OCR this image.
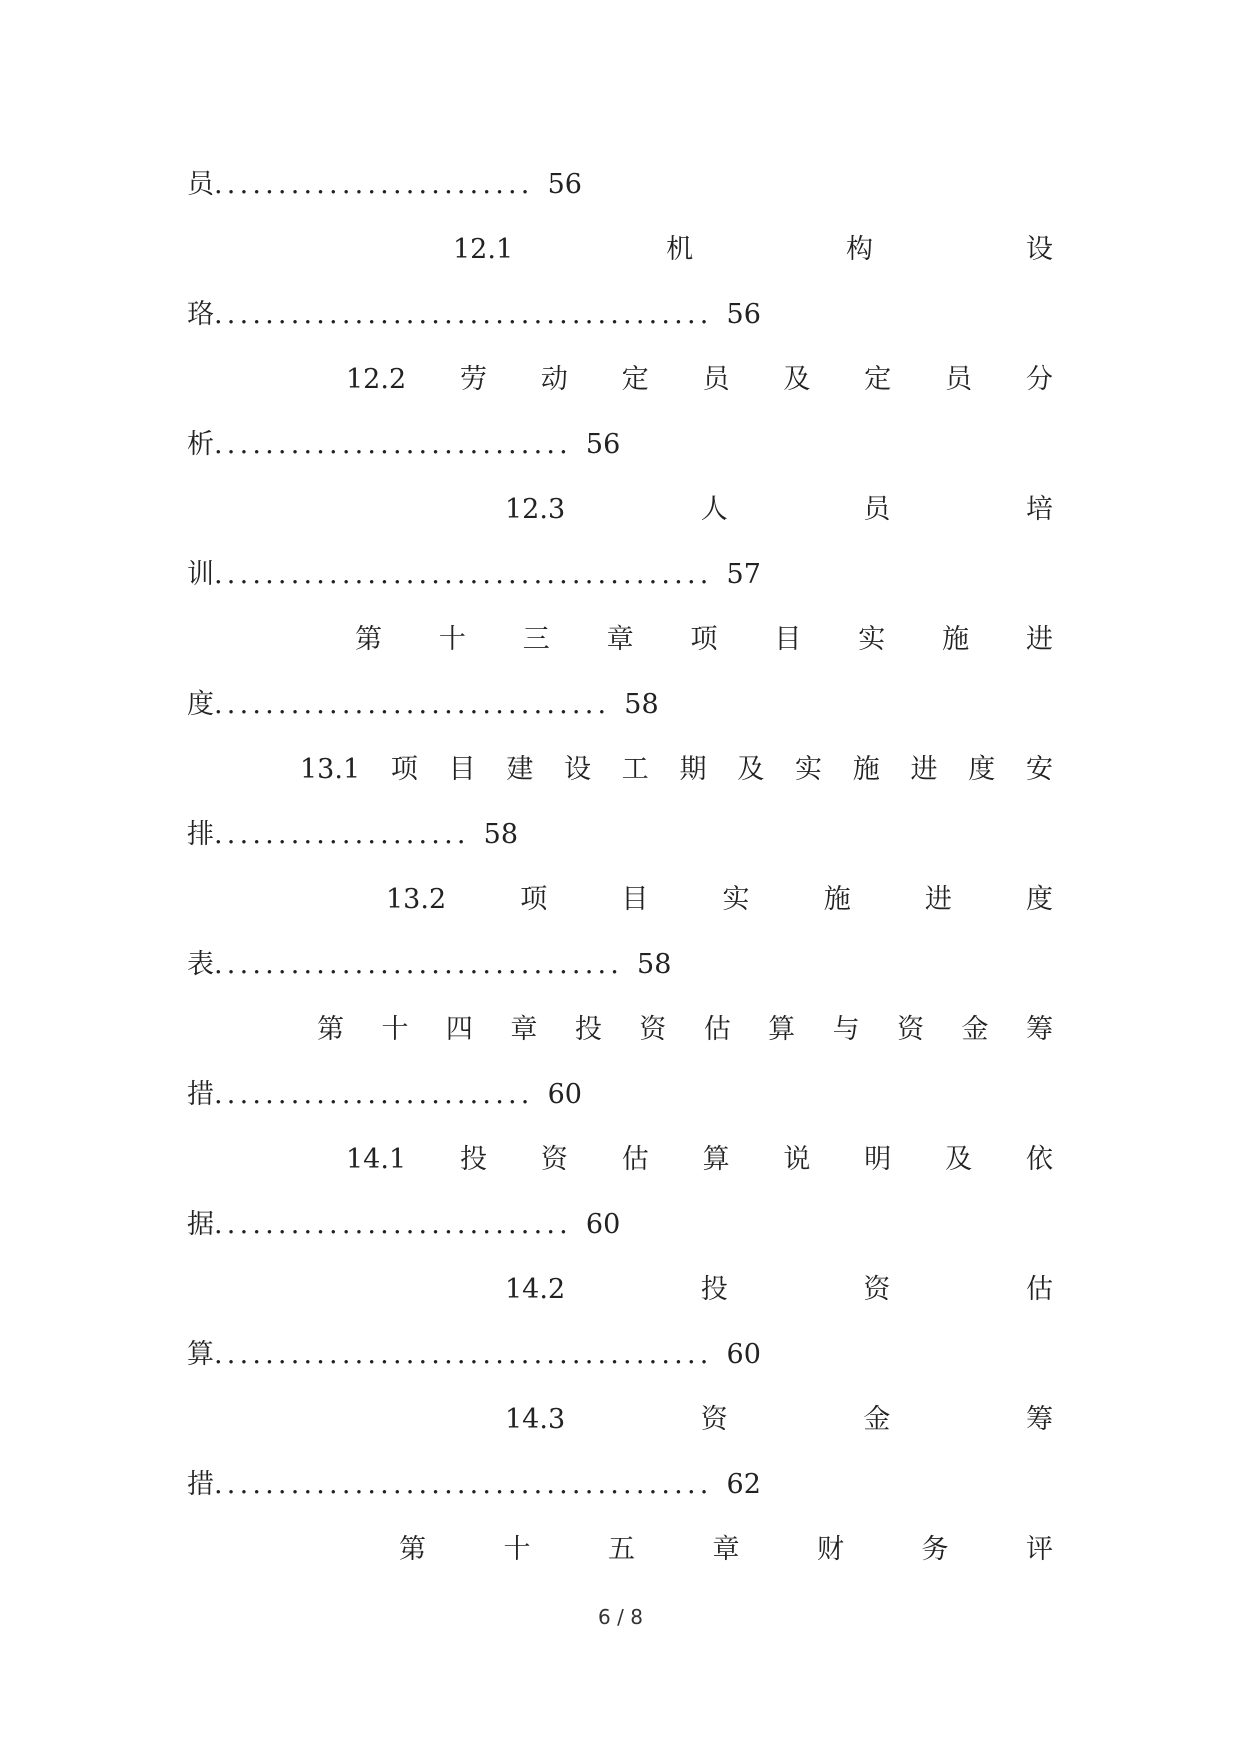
员......................... 56
12.1	机	构	设
珞....................................... 56
12.2 劳 动 定 员 及 定 员 分
析............................ 56
12.3	人	员	培
训....................................... 57
第 十 三 章 项 目 实 施 进
度............................... 58
13.1 项 目 建 设 工 期 及 实 施 进 度 安
排.................... 58
13.2	项	目	实	施	进	度
表................................ 58
第 十 四 章 投 资 估 算 与 资 金 筹
措......................... 60
14.1 投 资 估 算 说 明 及 依
据............................ 60
14.2	投	资	估
算....................................... 60
14.3	资	金	筹
措....................................... 62
第	十	五	章	财	务	评
6 / 8
